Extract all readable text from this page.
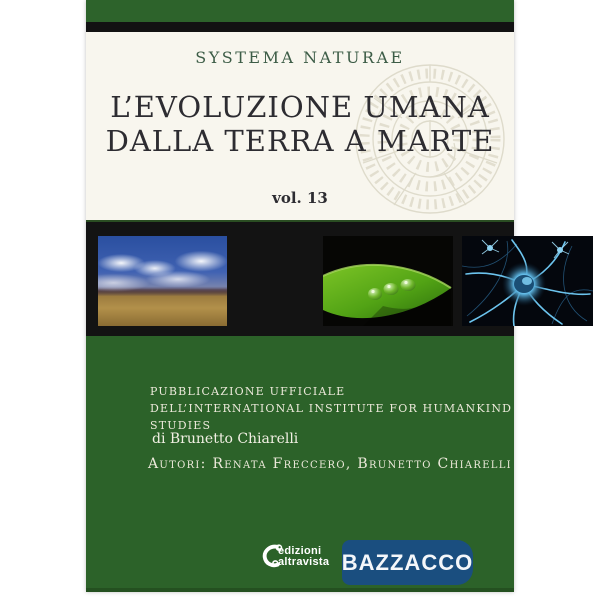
SYSTEMA NATURAE
L’EVOLUZIONE UMANA
DALLA TERRA A MARTE
vol. 13
PUBBLICAZIONE UFFICIALE
DELL’INTERNATIONAL INSTITUTE FOR HUMANKIND STUDIES
di Brunetto Chiarelli
Autori: Renata Freccero, Brunetto Chiarelli
edizioni
altravista BAZZACCO
